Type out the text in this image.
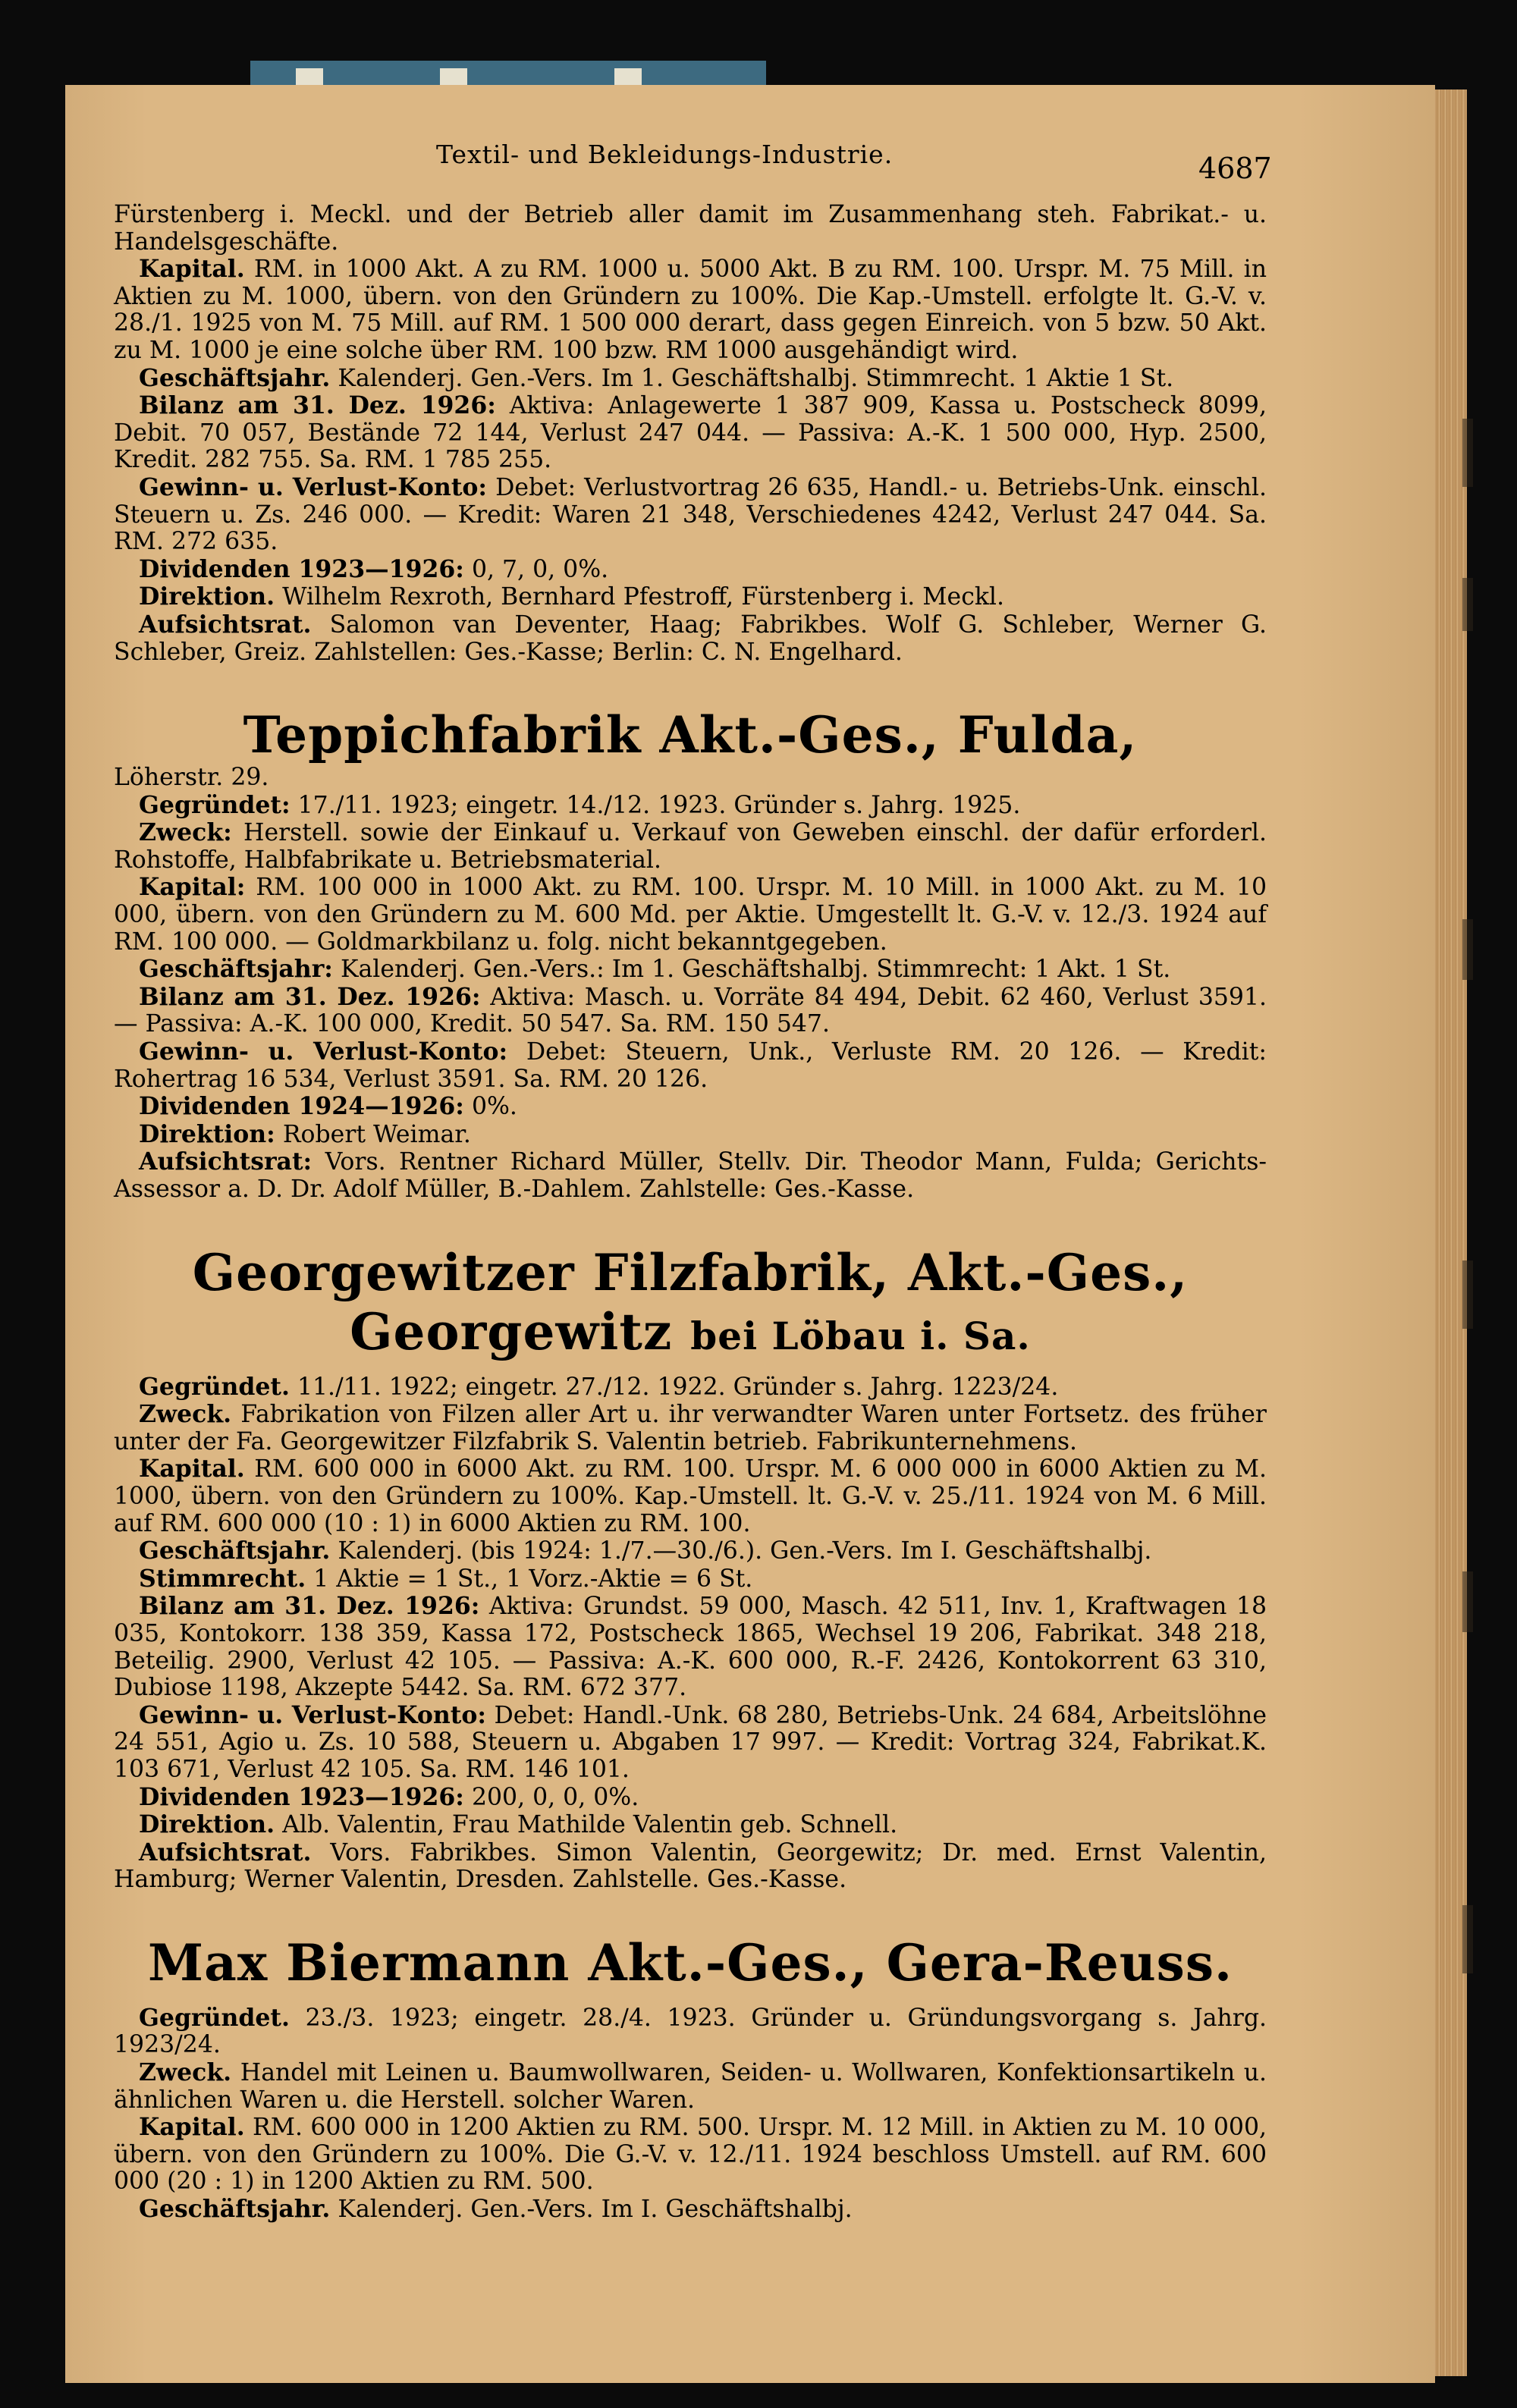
Textil- und Bekleidungs-Industrie.	4687

Fürstenberg i. Meckl. und der Betrieb aller damit im Zusammenhang steh. Fabrikat.- u. Handelsgeschäfte.

Kapital. RM. in 1000 Akt. A zu RM. 1000 u. 5000 Akt. B zu RM. 100. Urspr. M. 75 Mill. in Aktien zu M. 1000, übern. von den Gründern zu 100%. Die Kap.-Umstell. erfolgte lt. G.-V. v. 28./1. 1925 von M. 75 Mill. auf RM. 1 500 000 derart, dass gegen Einreich. von 5 bzw. 50 Akt. zu M. 1000 je eine solche über RM. 100 bzw. RM 1000 ausgehändigt wird.

Geschäftsjahr. Kalenderj. Gen.-Vers. Im 1. Geschäftshalbj. Stimmrecht. 1 Aktie 1 St.

Bilanz am 31. Dez. 1926: Aktiva: Anlagewerte 1 387 909, Kassa u. Postscheck 8099, Debit. 70 057, Bestände 72 144, Verlust 247 044. — Passiva: A.-K. 1 500 000, Hyp. 2500, Kredit. 282 755. Sa. RM. 1 785 255.

Gewinn- u. Verlust-Konto: Debet: Verlustvortrag 26 635, Handl.- u. Betriebs-Unk. einschl. Steuern u. Zs. 246 000. — Kredit: Waren 21 348, Verschiedenes 4242, Verlust 247 044. Sa. RM. 272 635.

Dividenden 1923—1926: 0, 7, 0, 0%.

Direktion. Wilhelm Rexroth, Bernhard Pfestroff, Fürstenberg i. Meckl.

Aufsichtsrat. Salomon van Deventer, Haag; Fabrikbes. Wolf G. Schleber, Werner G. Schleber, Greiz. Zahlstellen: Ges.-Kasse; Berlin: C. N. Engelhard.

Teppichfabrik Akt.-Ges., Fulda,

Löherstr. 29.

Gegründet: 17./11. 1923; eingetr. 14./12. 1923. Gründer s. Jahrg. 1925.

Zweck: Herstell. sowie der Einkauf u. Verkauf von Geweben einschl. der dafür erforderl. Rohstoffe, Halbfabrikate u. Betriebsmaterial.

Kapital: RM. 100 000 in 1000 Akt. zu RM. 100. Urspr. M. 10 Mill. in 1000 Akt. zu M. 10 000, übern. von den Gründern zu M. 600 Md. per Aktie. Umgestellt lt. G.-V. v. 12./3. 1924 auf RM. 100 000. — Goldmarkbilanz u. folg. nicht bekanntgegeben.

Geschäftsjahr: Kalenderj. Gen.-Vers.: Im 1. Geschäftshalbj. Stimmrecht: 1 Akt. 1 St.

Bilanz am 31. Dez. 1926: Aktiva: Masch. u. Vorräte 84 494, Debit. 62 460, Verlust 3591. — Passiva: A.-K. 100 000, Kredit. 50 547. Sa. RM. 150 547.

Gewinn- u. Verlust-Konto: Debet: Steuern, Unk., Verluste RM. 20 126. — Kredit: Rohertrag 16 534, Verlust 3591. Sa. RM. 20 126.

Dividenden 1924—1926: 0%.

Direktion: Robert Weimar.

Aufsichtsrat: Vors. Rentner Richard Müller, Stellv. Dir. Theodor Mann, Fulda; Gerichts-Assessor a. D. Dr. Adolf Müller, B.-Dahlem. Zahlstelle: Ges.-Kasse.

Georgewitzer Filzfabrik, Akt.-Ges., Georgewitz bei Löbau i. Sa.

Gegründet. 11./11. 1922; eingetr. 27./12. 1922. Gründer s. Jahrg. 1223/24.

Zweck. Fabrikation von Filzen aller Art u. ihr verwandter Waren unter Fortsetz. des früher unter der Fa. Georgewitzer Filzfabrik S. Valentin betrieb. Fabrikunternehmens.

Kapital. RM. 600 000 in 6000 Akt. zu RM. 100. Urspr. M. 6 000 000 in 6000 Aktien zu M. 1000, übern. von den Gründern zu 100%. Kap.-Umstell. lt. G.-V. v. 25./11. 1924 von M. 6 Mill. auf RM. 600 000 (10 : 1) in 6000 Aktien zu RM. 100.

Geschäftsjahr. Kalenderj. (bis 1924: 1./7.—30./6.). Gen.-Vers. Im I. Geschäftshalbj.

Stimmrecht. 1 Aktie = 1 St., 1 Vorz.-Aktie = 6 St.

Bilanz am 31. Dez. 1926: Aktiva: Grundst. 59 000, Masch. 42 511, Inv. 1, Kraftwagen 18 035, Kontokorr. 138 359, Kassa 172, Postscheck 1865, Wechsel 19 206, Fabrikat. 348 218, Beteilig. 2900, Verlust 42 105. — Passiva: A.-K. 600 000, R.-F. 2426, Kontokorrent 63 310, Dubiose 1198, Akzepte 5442. Sa. RM. 672 377.

Gewinn- u. Verlust-Konto: Debet: Handl.-Unk. 68 280, Betriebs-Unk. 24 684, Arbeitslöhne 24 551, Agio u. Zs. 10 588, Steuern u. Abgaben 17 997. — Kredit: Vortrag 324, Fabrikat.K. 103 671, Verlust 42 105. Sa. RM. 146 101.

Dividenden 1923—1926: 200, 0, 0, 0%.

Direktion. Alb. Valentin, Frau Mathilde Valentin geb. Schnell.

Aufsichtsrat. Vors. Fabrikbes. Simon Valentin, Georgewitz; Dr. med. Ernst Valentin, Hamburg; Werner Valentin, Dresden. Zahlstelle. Ges.-Kasse.

Max Biermann Akt.-Ges., Gera-Reuss.

Gegründet. 23./3. 1923; eingetr. 28./4. 1923. Gründer u. Gründungsvorgang s. Jahrg. 1923/24.

Zweck. Handel mit Leinen u. Baumwollwaren, Seiden- u. Wollwaren, Konfektionsartikeln u. ähnlichen Waren u. die Herstell. solcher Waren.

Kapital. RM. 600 000 in 1200 Aktien zu RM. 500. Urspr. M. 12 Mill. in Aktien zu M. 10 000, übern. von den Gründern zu 100%. Die G.-V. v. 12./11. 1924 beschloss Umstell. auf RM. 600 000 (20 : 1) in 1200 Aktien zu RM. 500.

Geschäftsjahr. Kalenderj. Gen.-Vers. Im I. Geschäftshalbj.
